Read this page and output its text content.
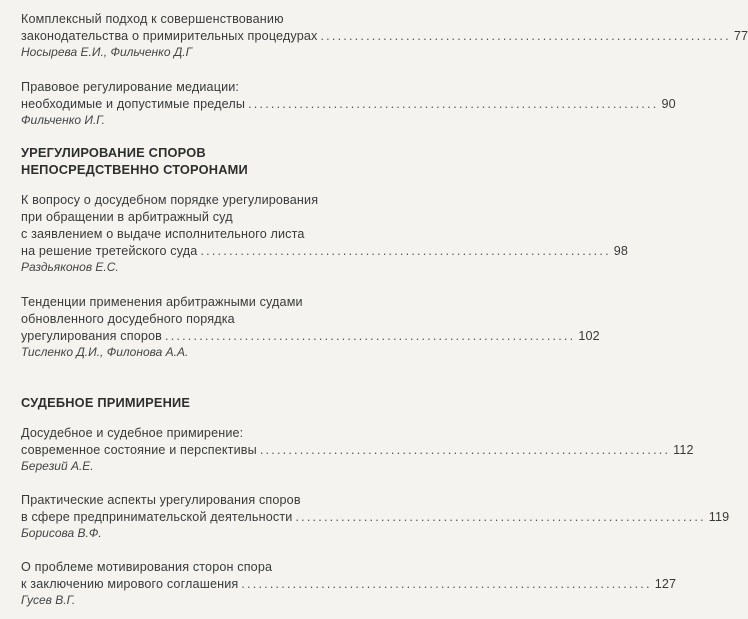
Комплексный подход к совершенствованию
законодательства о примирительных процедурах ........................................................................ 77
Носырева Е.И., Фильченко Д.Г
Правовое регулирование медиации:
необходимые и допустимые пределы ........................................................................ 90
Фильченко И.Г.
УРЕГУЛИРОВАНИЕ СПОРОВ
НЕПОСРЕДСТВЕННО СТОРОНАМИ
К вопросу о досудебном порядке урегулирования
при обращении в арбитражный суд
с заявлением о выдаче исполнительного листа
на решение третейского суда ........................................................................ 98
Раздьяконов Е.С.
Тенденции применения арбитражными судами
обновленного досудебного порядка
урегулирования споров ........................................................................ 102
Тисленко Д.И., Филонова А.А.
СУДЕБНОЕ ПРИМИРЕНИЕ
Досудебное и судебное примирение:
современное состояние и перспективы ........................................................................ 112
Березий А.Е.
Практические аспекты урегулирования споров
в сфере предпринимательской деятельности ........................................................................ 119
Борисова В.Ф.
О проблеме мотивирования сторон спора
к заключению мирового соглашения ........................................................................ 127
Гусев В.Г.
